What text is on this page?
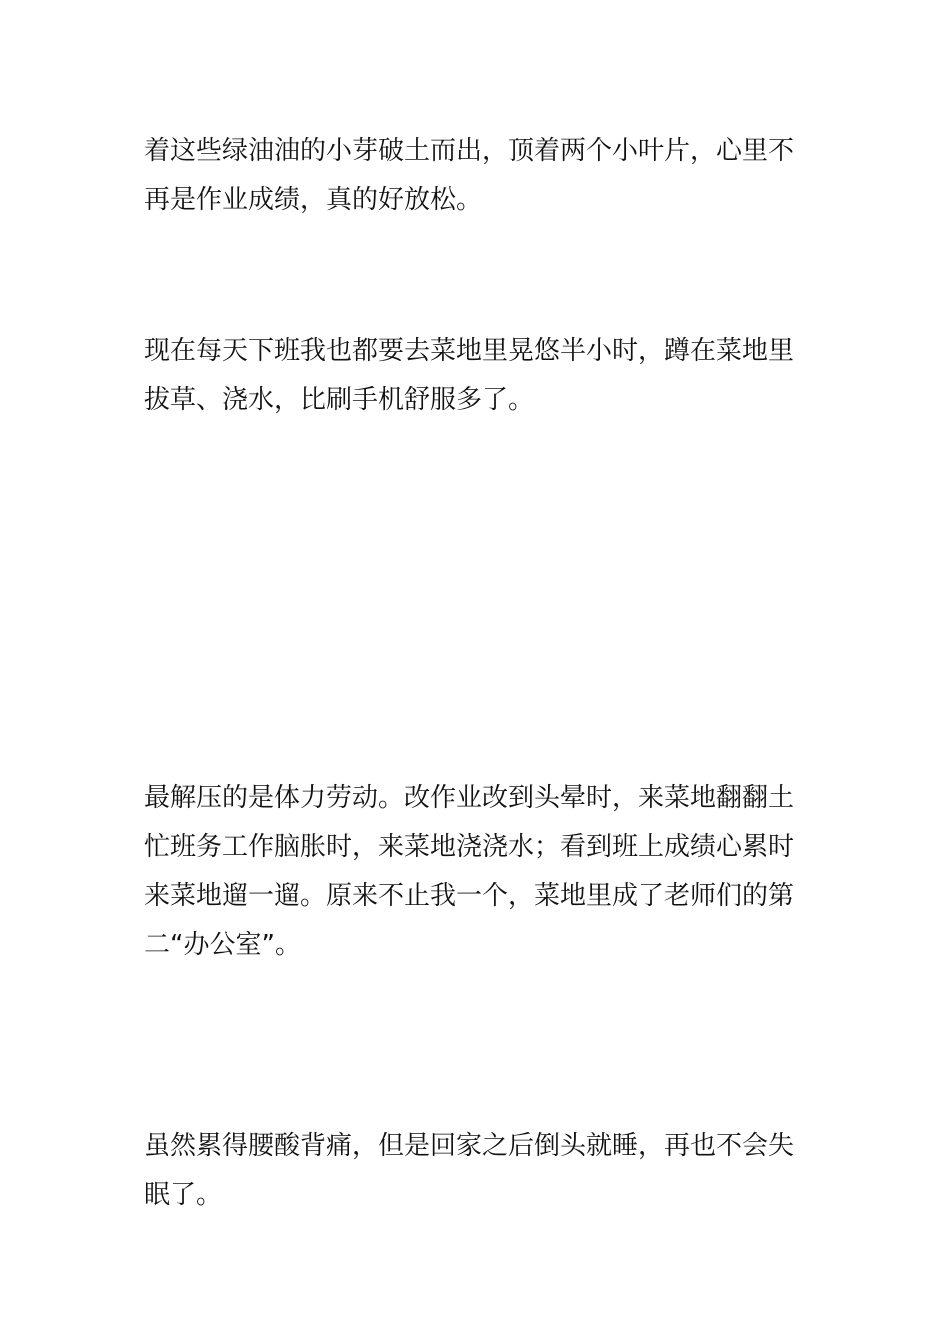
着这些绿油油的小芽破土而出，顶着两个小叶片，心里不
再是作业成绩，真的好放松。

现在每天下班我也都要去菜地里晃悠半小时，蹲在菜地里
拔草、浇水，比刷手机舒服多了。

最解压的是体力劳动。改作业改到头晕时，来菜地翻翻土
忙班务工作脑胀时，来菜地浇浇水；看到班上成绩心累时
来菜地遛一遛。原来不止我一个，菜地里成了老师们的第
二“办公室”。

虽然累得腰酸背痛，但是回家之后倒头就睡，再也不会失
眠了。
